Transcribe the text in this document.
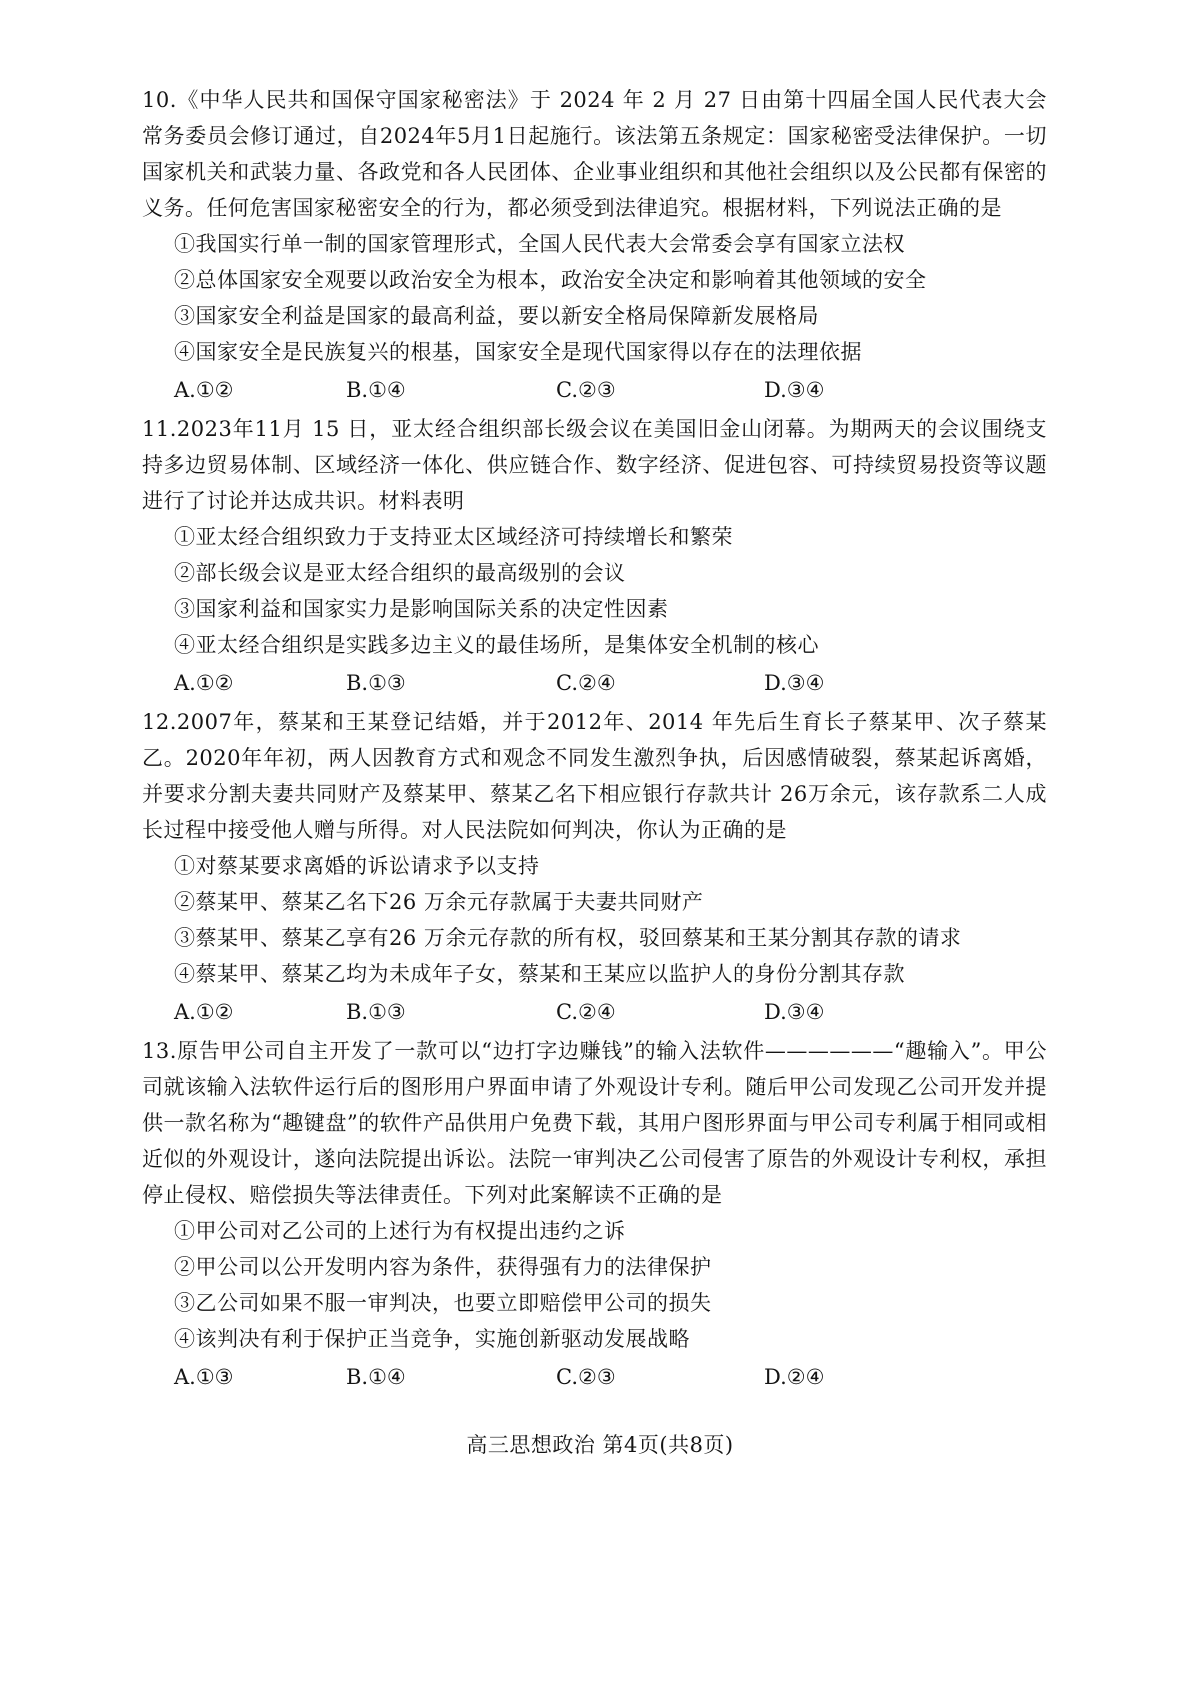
10.《中华人民共和国保守国家秘密法》于 2024 年 2 月 27 日由第十四届全国人民代表大会常务委员会修订通过，自2024年5月1日起施行。该法第五条规定：国家秘密受法律保护。一切国家机关和武装力量、各政党和各人民团体、企业事业组织和其他社会组织以及公民都有保密的义务。任何危害国家秘密安全的行为，都必须受到法律追究。根据材料，下列说法正确的是

①我国实行单一制的国家管理形式，全国人民代表大会常委会享有国家立法权

②总体国家安全观要以政治安全为根本，政治安全决定和影响着其他领域的安全

③国家安全利益是国家的最高利益，要以新安全格局保障新发展格局

④国家安全是民族复兴的根基，国家安全是现代国家得以存在的法理依据

A.①②	B.①④	C.②③	D.③④

11.2023年11月 15 日，亚太经合组织部长级会议在美国旧金山闭幕。为期两天的会议围绕支持多边贸易体制、区域经济一体化、供应链合作、数字经济、促进包容、可持续贸易投资等议题进行了讨论并达成共识。材料表明

①亚太经合组织致力于支持亚太区域经济可持续增长和繁荣

②部长级会议是亚太经合组织的最高级别的会议

③国家利益和国家实力是影响国际关系的决定性因素

④亚太经合组织是实践多边主义的最佳场所，是集体安全机制的核心

A.①②	B.①③	C.②④	D.③④

12.2007年，蔡某和王某登记结婚，并于2012年、2014 年先后生育长子蔡某甲、次子蔡某乙。2020年年初，两人因教育方式和观念不同发生激烈争执，后因感情破裂，蔡某起诉离婚，并要求分割夫妻共同财产及蔡某甲、蔡某乙名下相应银行存款共计 26万余元，该存款系二人成长过程中接受他人赠与所得。对人民法院如何判决，你认为正确的是

①对蔡某要求离婚的诉讼请求予以支持

②蔡某甲、蔡某乙名下26 万余元存款属于夫妻共同财产

③蔡某甲、蔡某乙享有26 万余元存款的所有权，驳回蔡某和王某分割其存款的请求

④蔡某甲、蔡某乙均为未成年子女，蔡某和王某应以监护人的身份分割其存款

A.①②	B.①③	C.②④	D.③④

13.原告甲公司自主开发了一款可以“边打字边赚钱”的输入法软件——————“趣输入”。甲公司就该输入法软件运行后的图形用户界面申请了外观设计专利。随后甲公司发现乙公司开发并提供一款名称为“趣键盘”的软件产品供用户免费下载，其用户图形界面与甲公司专利属于相同或相近似的外观设计，遂向法院提出诉讼。法院一审判决乙公司侵害了原告的外观设计专利权，承担停止侵权、赔偿损失等法律责任。下列对此案解读不正确的是

①甲公司对乙公司的上述行为有权提出违约之诉

②甲公司以公开发明内容为条件，获得强有力的法律保护

③乙公司如果不服一审判决，也要立即赔偿甲公司的损失

④该判决有利于保护正当竞争，实施创新驱动发展战略

A.①③	B.①④	C.②③	D.②④
高三思想政治 第4页(共8页)
